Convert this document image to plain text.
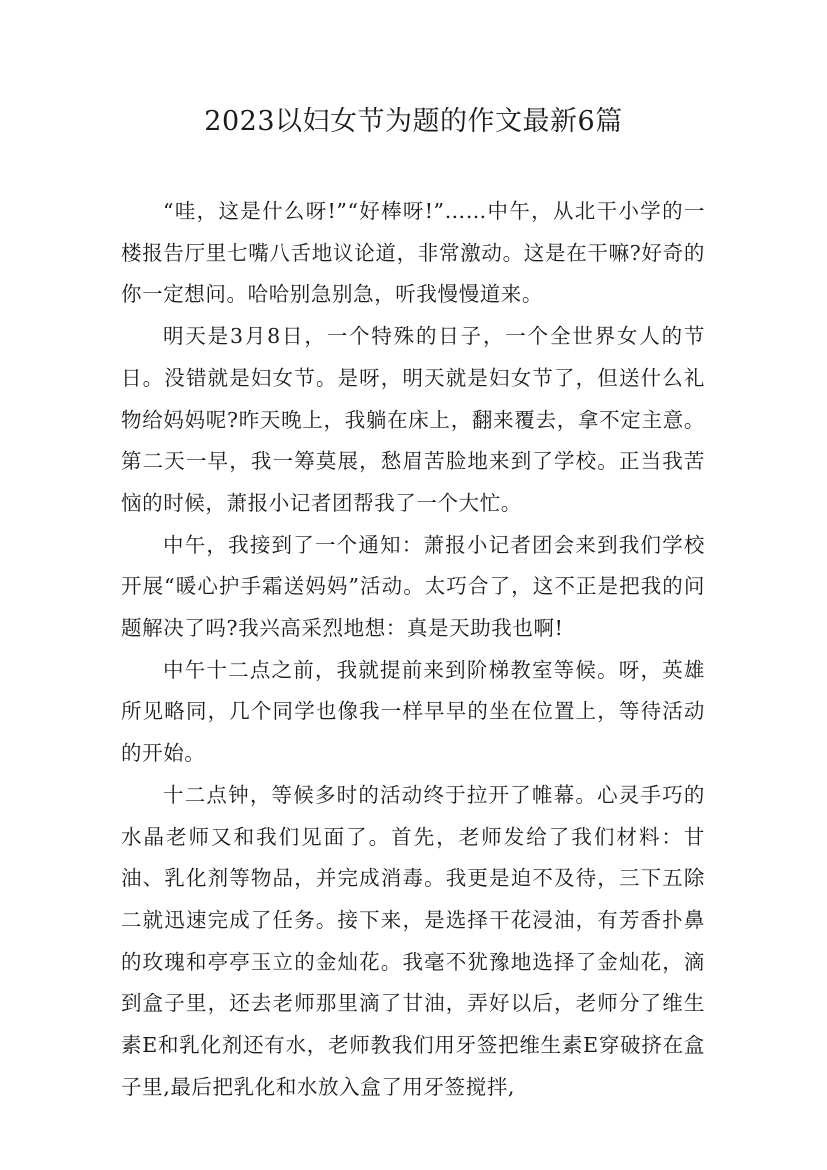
2023以妇女节为题的作文最新6篇

“哇，这是什么呀!”“好棒呀!”……中午，从北干小学的一楼报告厅里七嘴八舌地议论道，非常激动。这是在干嘛?好奇的你一定想问。哈哈别急别急，听我慢慢道来。

明天是3月8日，一个特殊的日子，一个全世界女人的节日。没错就是妇女节。是呀，明天就是妇女节了，但送什么礼物给妈妈呢?昨天晚上，我躺在床上，翻来覆去，拿不定主意。第二天一早，我一筹莫展，愁眉苦脸地来到了学校。正当我苦恼的时候，萧报小记者团帮我了一个大忙。

中午，我接到了一个通知：萧报小记者团会来到我们学校开展“暖心护手霜送妈妈”活动。太巧合了，这不正是把我的问题解决了吗?我兴高采烈地想：真是天助我也啊!

中午十二点之前，我就提前来到阶梯教室等候。呀，英雄所见略同，几个同学也像我一样早早的坐在位置上，等待活动的开始。

十二点钟，等候多时的活动终于拉开了帷幕。心灵手巧的水晶老师又和我们见面了。首先，老师发给了我们材料：甘油、乳化剂等物品，并完成消毒。我更是迫不及待，三下五除二就迅速完成了任务。接下来，是选择干花浸油，有芳香扑鼻的玫瑰和亭亭玉立的金灿花。我毫不犹豫地选择了金灿花，滴到盒子里，还去老师那里滴了甘油，弄好以后，老师分了维生素E和乳化剂还有水，老师教我们用牙签把维生素E穿破挤在盒子里,最后把乳化和水放入盒了用牙签搅拌,
